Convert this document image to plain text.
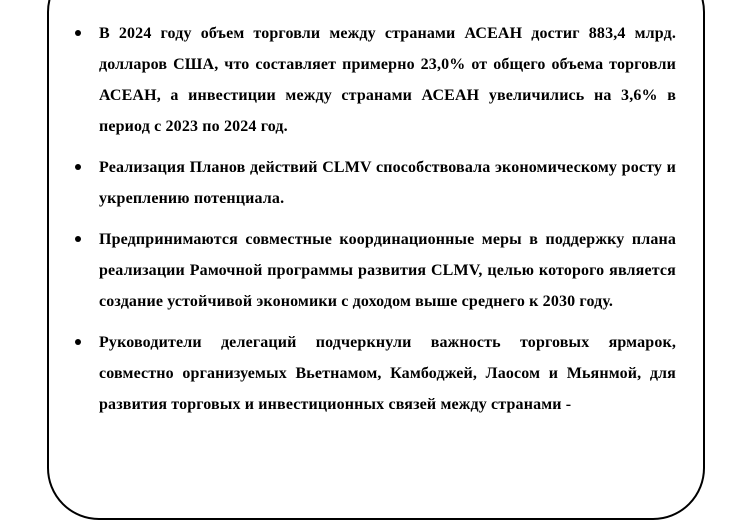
В 2024 году объем торговли между странами АСЕАН достиг 883,4 млрд. долларов США, что составляет примерно 23,0% от общего объема торговли АСЕАН, а инвестиции между странами АСЕАН увеличились на 3,6% в период с 2023 по 2024 год.
Реализация Планов действий CLMV способствовала экономическому росту и укреплению потенциала.
Предпринимаются совместные координационные меры в поддержку плана реализации Рамочной программы развития CLMV, целью которого является создание устойчивой экономики с доходом выше среднего к 2030 году.
Руководители делегаций подчеркнули важность торговых ярмарок, совместно организуемых Вьетнамом, Камбоджей, Лаосом и Мьянмой, для развития торговых и инвестиционных связей между странами -
